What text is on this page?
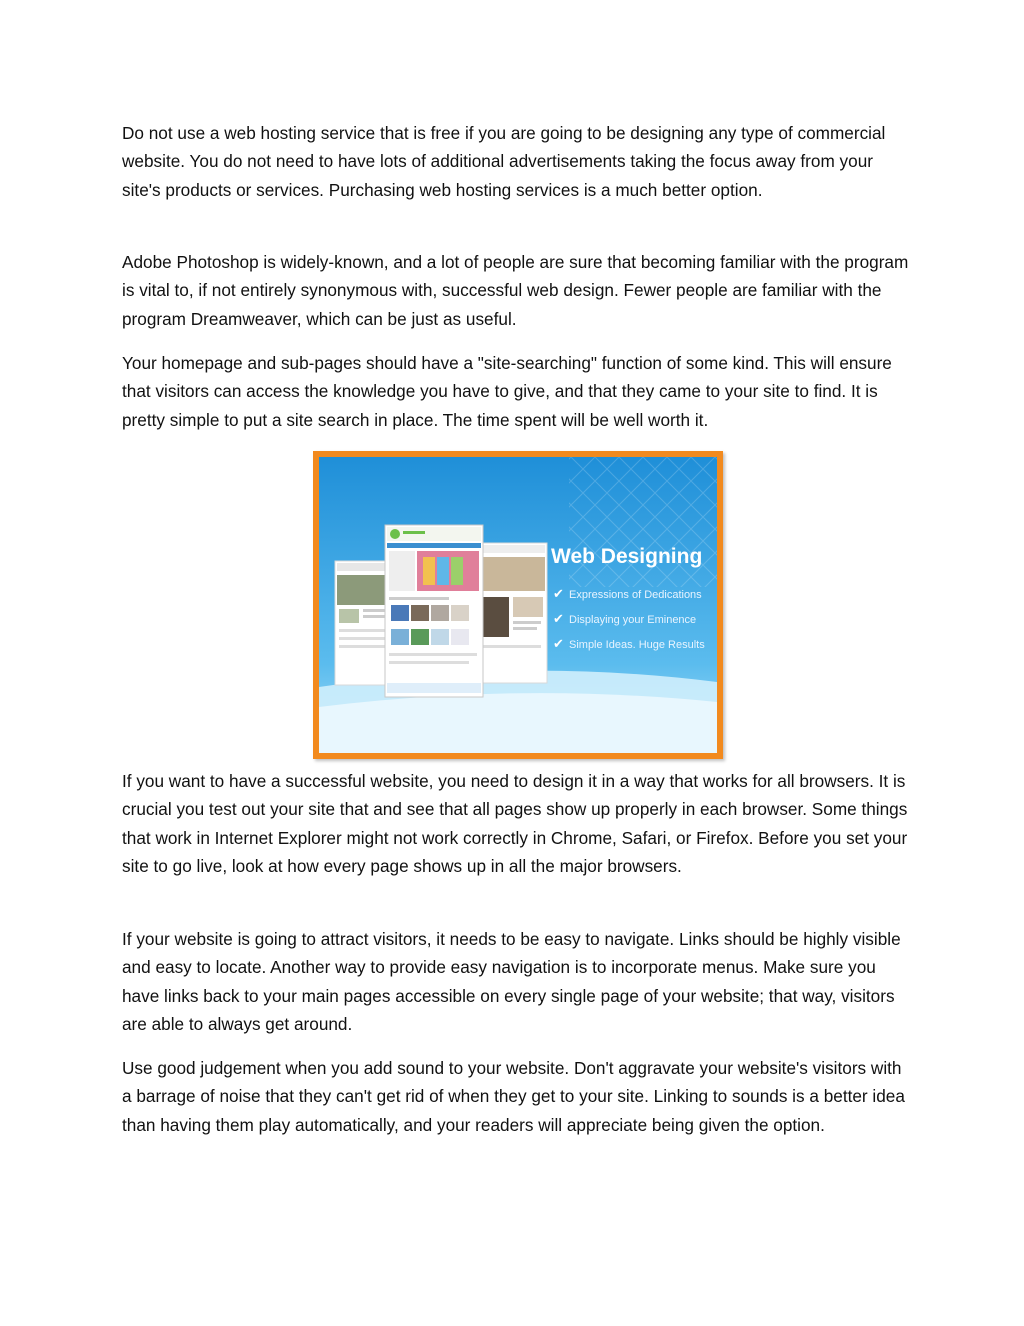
Do not use a web hosting service that is free if you are going to be designing any type of commercial website. You do not need to have lots of additional advertisements taking the focus away from your site's products or services. Purchasing web hosting services is a much better option.

Adobe Photoshop is widely-known, and a lot of people are sure that becoming familiar with the program is vital to, if not entirely synonymous with, successful web design. Fewer people are familiar with the program Dreamweaver, which can be just as useful.

Your homepage and sub-pages should have a "site-searching" function of some kind. This will ensure that visitors can access the knowledge you have to give, and that they came to your site to find. It is pretty simple to put a site search in place. The time spent will be well worth it.

Web Designing
✔ Expressions of Dedications
✔ Displaying your Eminence
✔ Simple Ideas. Huge Results

If you want to have a successful website, you need to design it in a way that works for all browsers. It is crucial you test out your site that and see that all pages show up properly in each browser. Some things that work in Internet Explorer might not work correctly in Chrome, Safari, or Firefox. Before you set your site to go live, look at how every page shows up in all the major browsers.

If your website is going to attract visitors, it needs to be easy to navigate. Links should be highly visible and easy to locate. Another way to provide easy navigation is to incorporate menus. Make sure you have links back to your main pages accessible on every single page of your website; that way, visitors are able to always get around.

Use good judgement when you add sound to your website. Don't aggravate your website's visitors with a barrage of noise that they can't get rid of when they get to your site. Linking to sounds is a better idea than having them play automatically, and your readers will appreciate being given the option.
